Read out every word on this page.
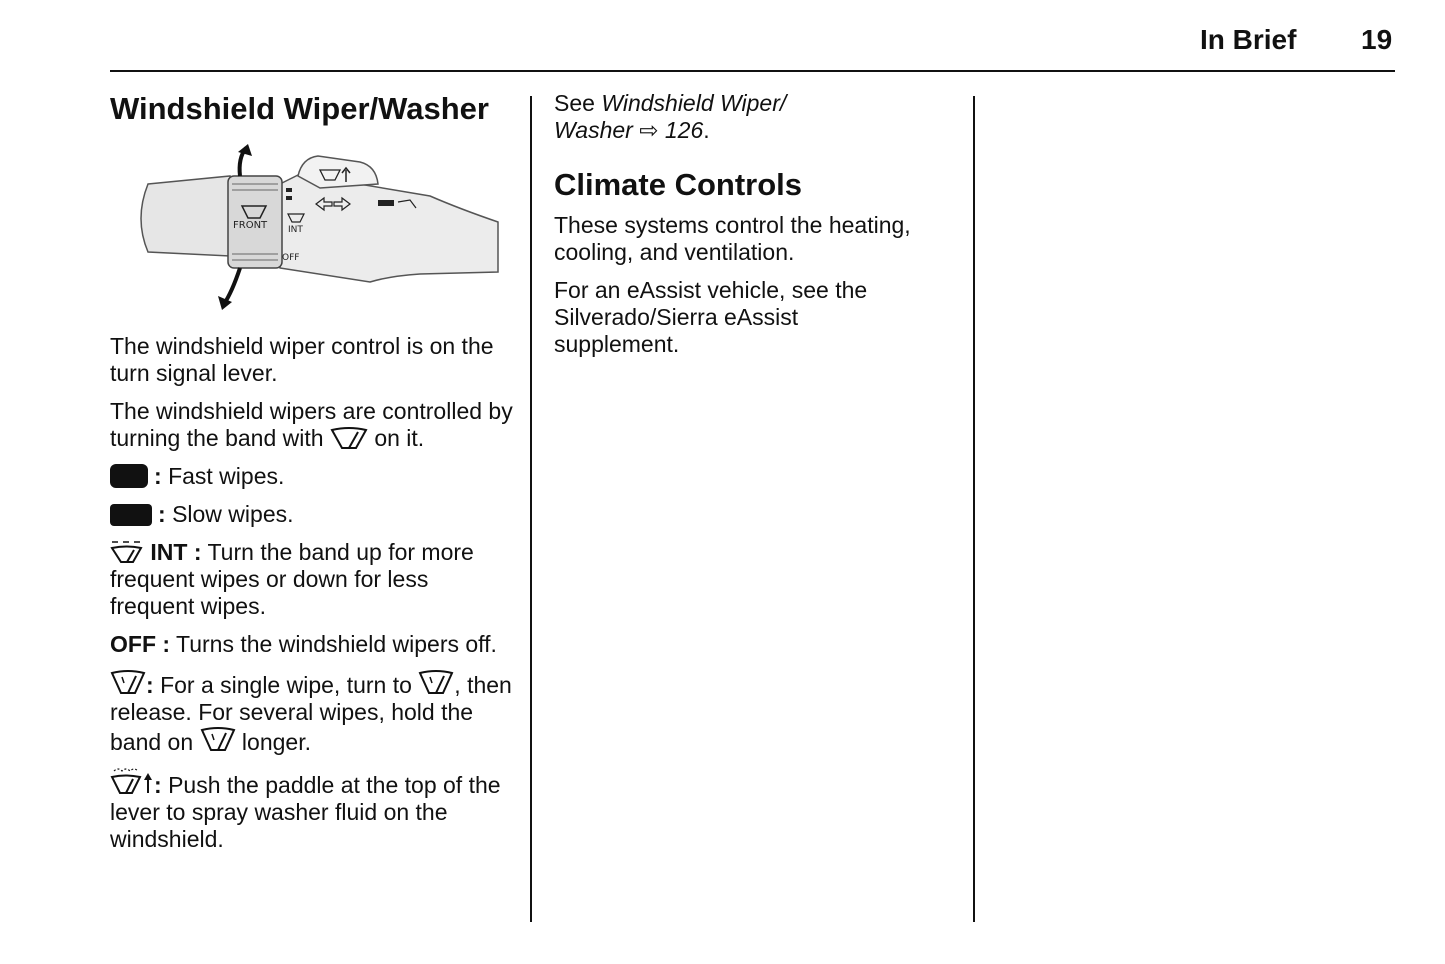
In Brief 19
Windshield Wiper/Washer
FRONT INT
OFF

The windshield wiper control is on the turn signal lever.

The windshield wipers are controlled by turning the band with on it.

: Fast wipes.

: Slow wipes.

INT : Turn the band up for more frequent wipes or down for less frequent wipes.

OFF : Turns the windshield wipers off.

: For a single wipe, turn to , then release. For several wipes, hold the band on longer.

: Push the paddle at the top of the lever to spray washer fluid on the windshield.

See Windshield Wiper/ Washer ⇨ 126.

Climate Controls

These systems control the heating, cooling, and ventilation.

For an eAssist vehicle, see the Silverado/Sierra eAssist supplement.
